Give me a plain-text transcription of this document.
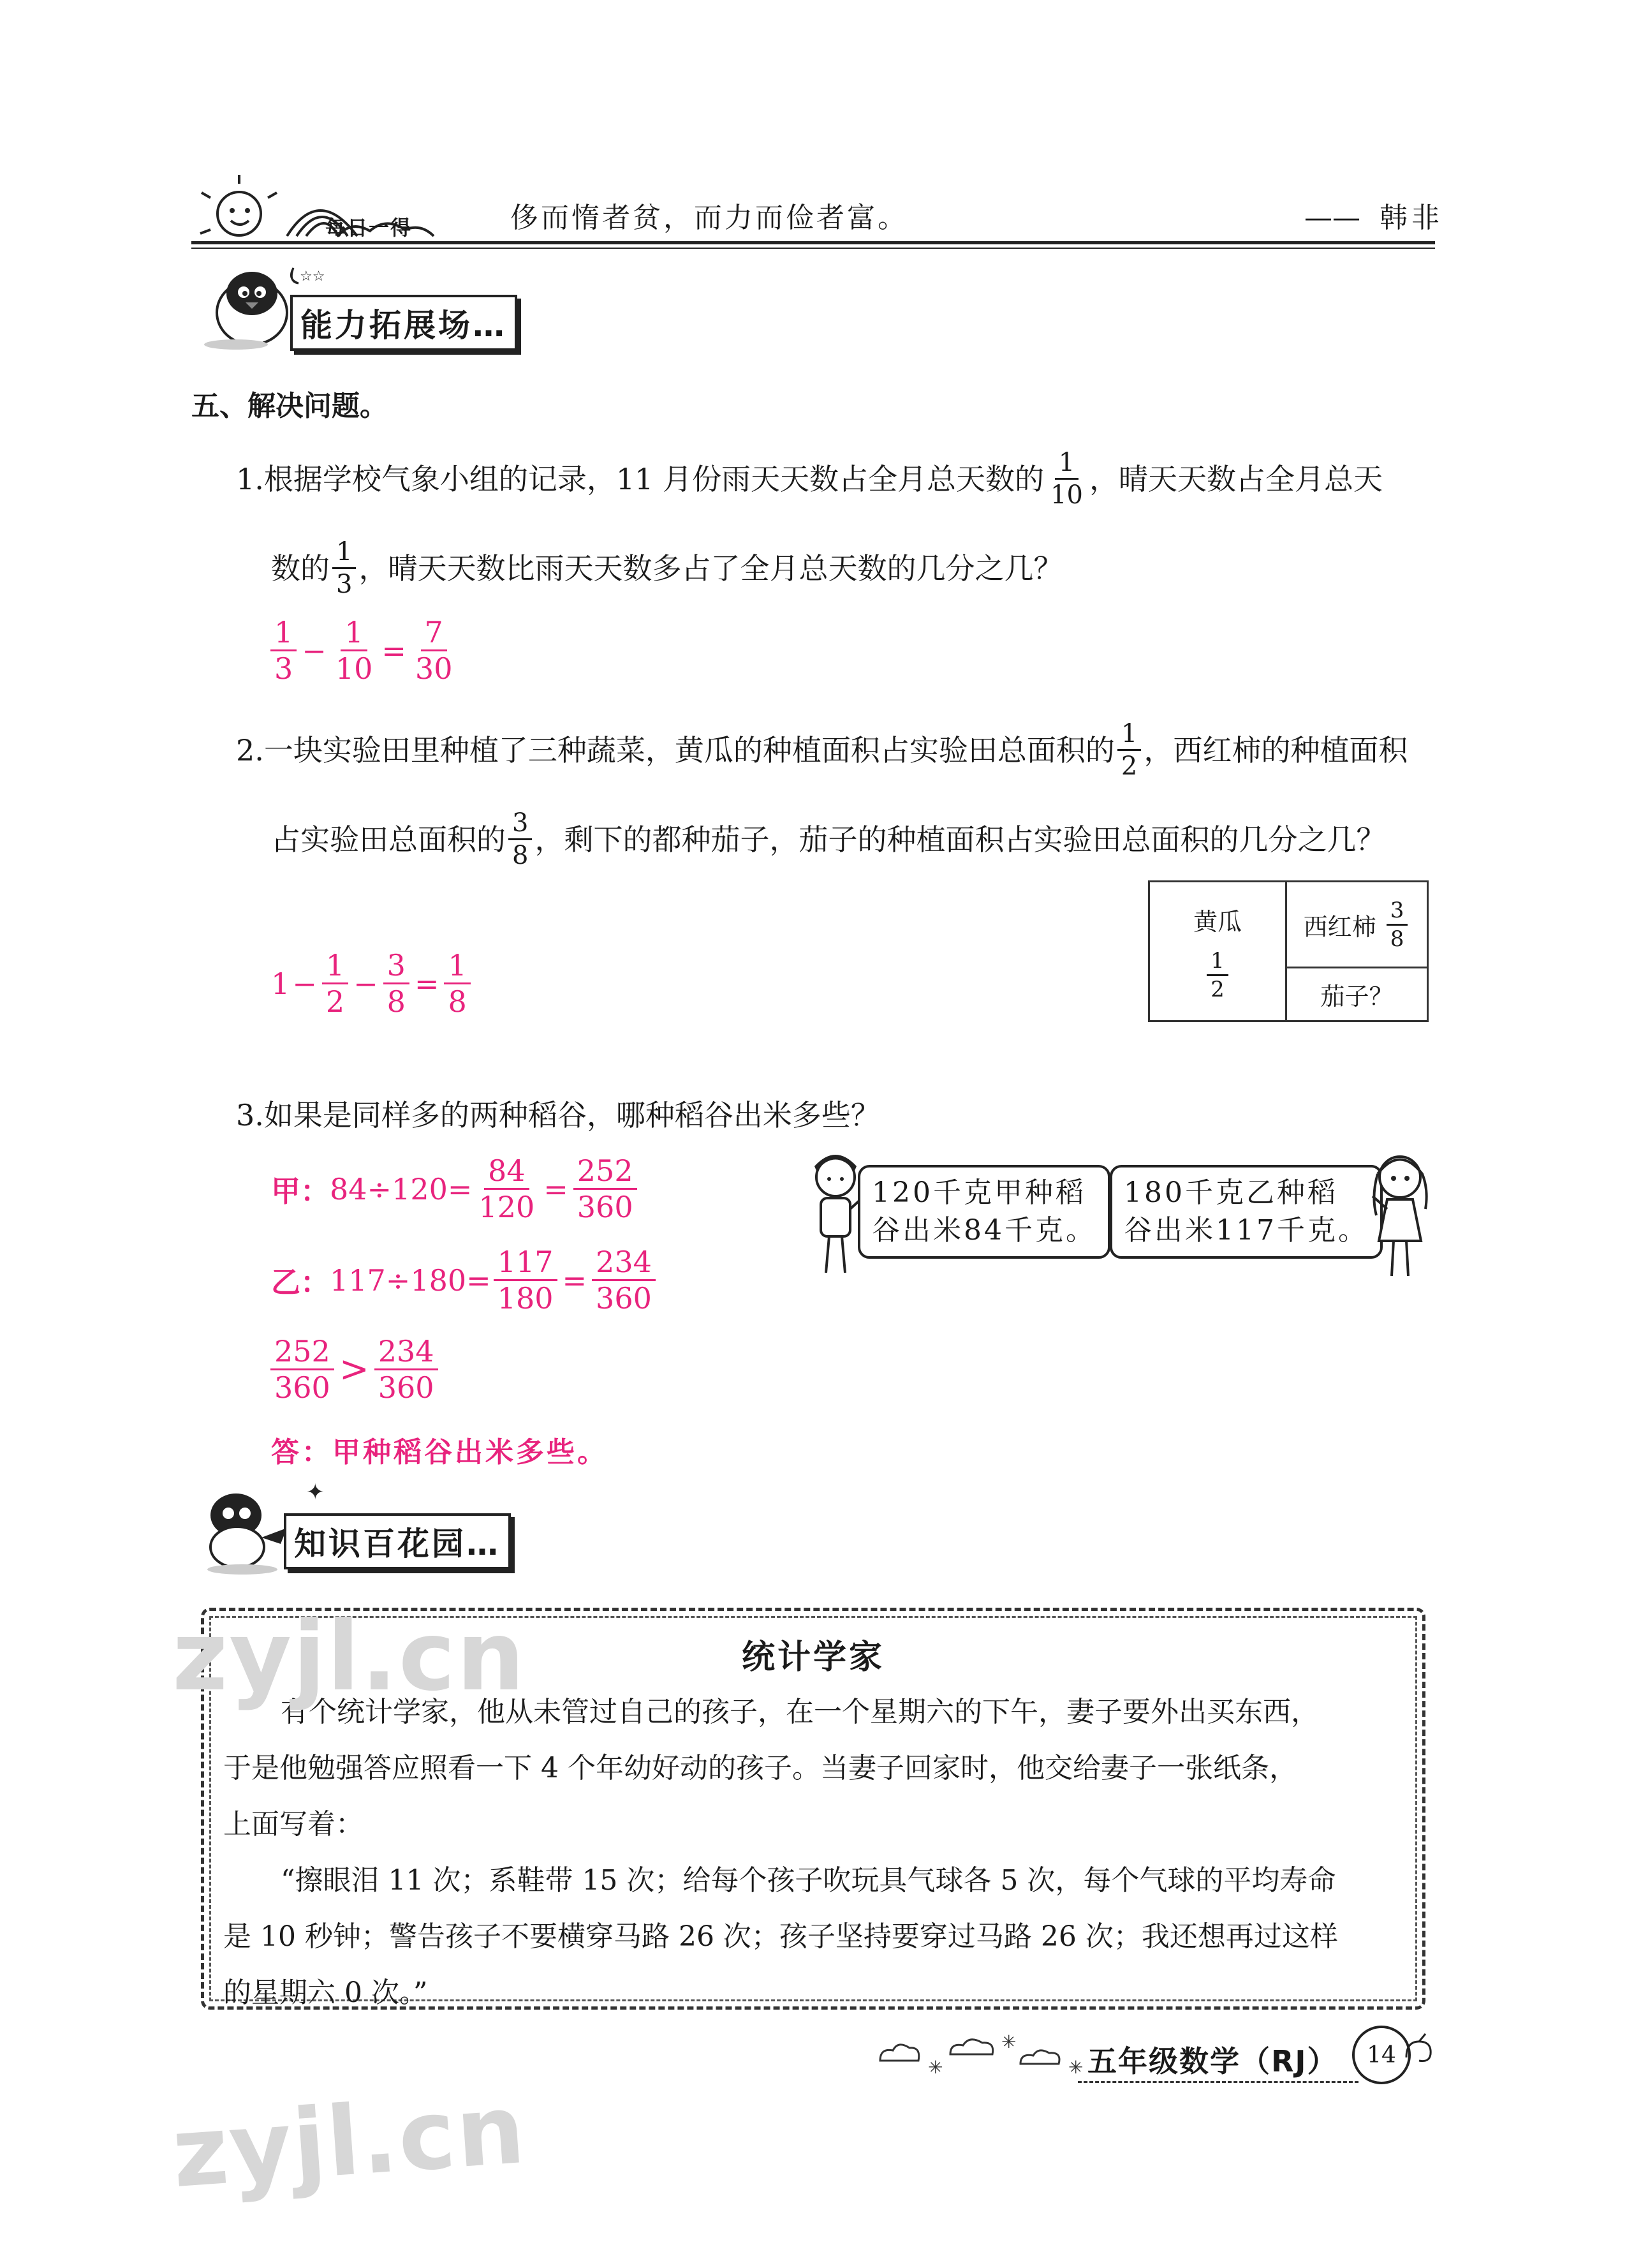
每日一得	侈而惰者贫，而力而俭者富。	—— 韩非
☆☆
能力拓展场…
五、解决问题。
1. 根据学校气象小组的记录，11 月份雨天天数占全月总天数的 $\frac{1}{10}$ ，晴天天数占全月总天
数的 $\frac{1}{3}$ ，晴天天数比雨天天数多占了全月总天数的几分之几？
$\frac{1}{3} - \frac{1}{10} = \frac{7}{30}$
2. 一块实验田里种植了三种蔬菜，黄瓜的种植面积占实验田总面积的 $\frac{1}{2}$ ，西红柿的种植面积
占实验田总面积的 $\frac{3}{8}$ ，剩下的都种茄子，茄子的种植面积占实验田总面积的几分之几？
$1 - \frac{1}{2} - \frac{3}{8} = \frac{1}{8}$
黄瓜
$\frac{1}{2}$
	西红柿 $\frac{3}{8}$

茄子？
3.如果是同样多的两种稻谷，哪种稻谷出米多些？
甲： $84\div 120= \frac{84}{120} = \frac{252}{360}$
乙： $117\div 180= \frac{117}{180} = \frac{234}{360}$
$\frac{252}{360} > \frac{234}{360}$
答：甲种稻谷出米多些。
120千克甲种稻
谷出米84千克。
180千克乙种稻
谷出米117千克。
✦
知识百花园…
统计学家
有个统计学家，他从未管过自己的孩子，在一个星期六的下午，妻子要外出买东西，
于是他勉强答应照看一下 4 个年幼好动的孩子。当妻子回家时，他交给妻子一张纸条，
上面写着：
“擦眼泪 11 次；系鞋带 15 次；给每个孩子吹玩具气球各 5 次，每个气球的平均寿命
是 10 秒钟；警告孩子不要横穿马路 26 次；孩子坚持要穿过马路 26 次；我还想再过这样
的星期六 0 次。”
✳
✳
✳ 五年级数学（RJ） 14
zyjl.cn
zyjl.cn
